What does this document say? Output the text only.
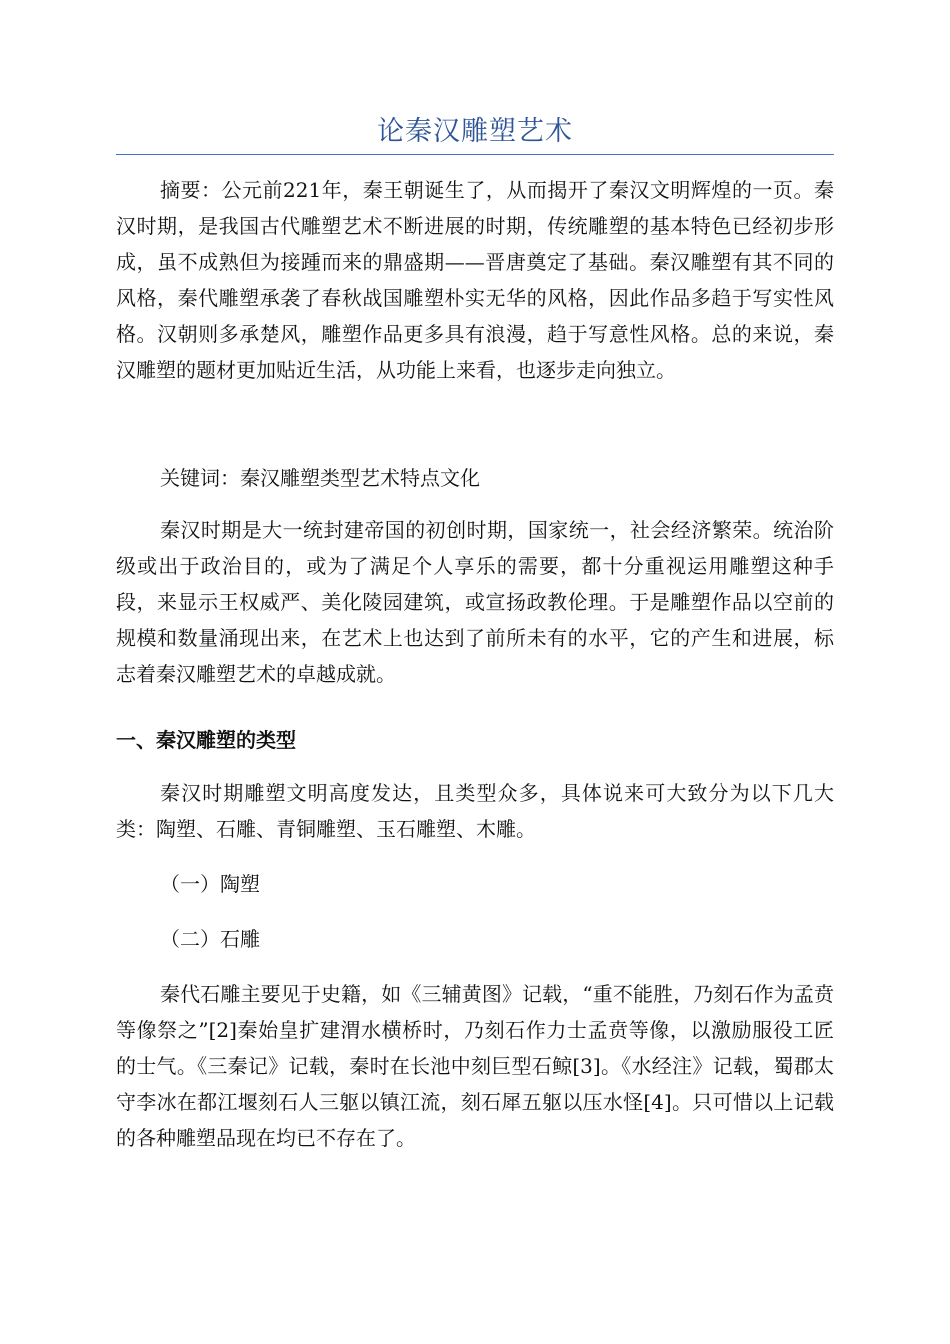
论秦汉雕塑艺术

摘要：公元前221年，秦王朝诞生了，从而揭开了秦汉文明辉煌的一页。秦汉时期，是我国古代雕塑艺术不断进展的时期，传统雕塑的基本特色已经初步形成，虽不成熟但为接踵而来的鼎盛期——晋唐奠定了基础。秦汉雕塑有其不同的风格，秦代雕塑承袭了春秋战国雕塑朴实无华的风格，因此作品多趋于写实性风格。汉朝则多承楚风，雕塑作品更多具有浪漫，趋于写意性风格。总的来说，秦汉雕塑的题材更加贴近生活，从功能上来看，也逐步走向独立。

关键词：秦汉雕塑类型艺术特点文化

秦汉时期是大一统封建帝国的初创时期，国家统一，社会经济繁荣。统治阶级或出于政治目的，或为了满足个人享乐的需要，都十分重视运用雕塑这种手段，来显示王权威严、美化陵园建筑，或宣扬政教伦理。于是雕塑作品以空前的规模和数量涌现出来，在艺术上也达到了前所未有的水平，它的产生和进展，标志着秦汉雕塑艺术的卓越成就。

一、秦汉雕塑的类型

秦汉时期雕塑文明高度发达，且类型众多，具体说来可大致分为以下几大类：陶塑、石雕、青铜雕塑、玉石雕塑、木雕。

（一）陶塑

（二）石雕

秦代石雕主要见于史籍，如《三辅黄图》记载，“重不能胜，乃刻石作为孟贲等像祭之”[2]秦始皇扩建渭水横桥时，乃刻石作力士孟贲等像，以激励服役工匠的士气。《三秦记》记载，秦时在长池中刻巨型石鲸[3]。《水经注》记载，蜀郡太守李冰在都江堰刻石人三躯以镇江流，刻石犀五躯以压水怪[4]。只可惜以上记载的各种雕塑品现在均已不存在了。
